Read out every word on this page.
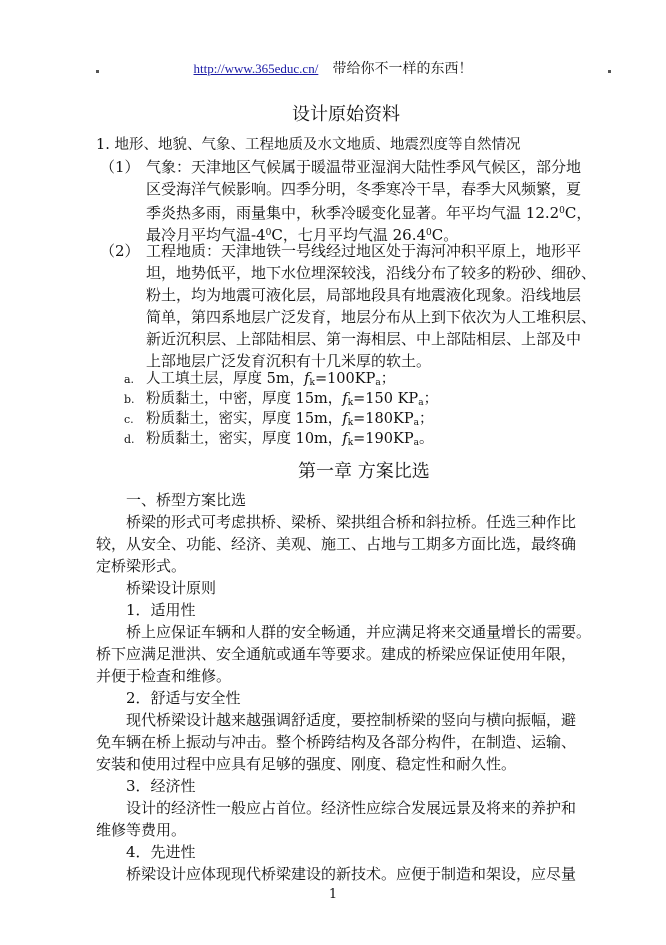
http://www.365educ.cn/ 带给你不一样的东西！
设计原始资料
1. 地形、地貌、气象、工程地质及水文地质、地震烈度等自然情况
（1） 气象：天津地区气候属于暖温带亚湿润大陆性季风气候区，部分地
区受海洋气候影响。四季分明，冬季寒冷干旱，春季大风频繁，夏
季炎热多雨，雨量集中，秋季冷暖变化显著。年平均气温 12.2$^0$C，
最冷月平均气温$-4^0C$，七月平均气温 26.4$^0$C。
（2） 工程地质：天津地铁一号线经过地区处于海河冲积平原上，地形平
坦，地势低平，地下水位埋深较浅，沿线分布了较多的粉砂、细砂、
粉土，均为地震可液化层，局部地段具有地震液化现象。沿线地层
简单，第四系地层广泛发育，地层分布从上到下依次为人工堆积层、
新近沉积层、上部陆相层、第一海相层、中上部陆相层、上部及中
上部地层广泛发育沉积有十几米厚的软土。
a. 人工填土层，厚度 5m，$f_k=100KP_a$；
b. 粉质黏土，中密，厚度 15m，$f_k=150$ $KP_a$；
c. 粉质黏土，密实，厚度 15m，$f_k=180KP_a$；
d. 粉质黏土，密实，厚度 10m，$f_k=190KP_a$。
第一章 方案比选
一、桥型方案比选
桥梁的形式可考虑拱桥、梁桥、梁拱组合桥和斜拉桥。任选三种作比
较，从安全、功能、经济、美观、施工、占地与工期多方面比选，最终确
定桥梁形式。
桥梁设计原则
1．适用性
桥上应保证车辆和人群的安全畅通，并应满足将来交通量增长的需要。
桥下应满足泄洪、安全通航或通车等要求。建成的桥梁应保证使用年限，
并便于检查和维修。
2．舒适与安全性
现代桥梁设计越来越强调舒适度，要控制桥梁的竖向与横向振幅，避
免车辆在桥上振动与冲击。整个桥跨结构及各部分构件，在制造、运输、
安装和使用过程中应具有足够的强度、刚度、稳定性和耐久性。
3．经济性
设计的经济性一般应占首位。经济性应综合发展远景及将来的养护和
维修等费用。
4．先进性
桥梁设计应体现现代桥梁建设的新技术。应便于制造和架设，应尽量
1
